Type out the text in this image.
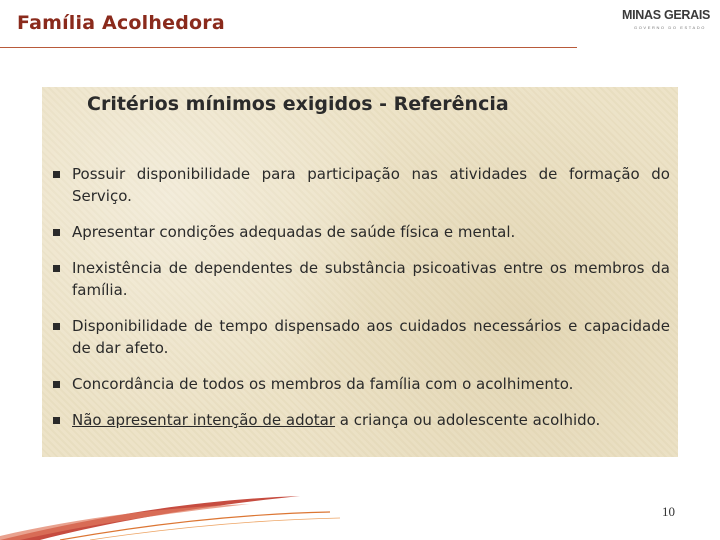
Família Acolhedora	MINAS GERAIS
GOVERNO DO ESTADO
Critérios mínimos exigidos - Referência
Possuir disponibilidade para participação nas atividades de formação do Serviço.
Apresentar condições adequadas de saúde física e mental.
Inexistência de dependentes de substância psicoativas entre os membros da família.
Disponibilidade de tempo dispensado aos cuidados necessários e capacidade de dar afeto.
Concordância de todos os membros da família com o acolhimento.
Não apresentar intenção de adotar a criança ou adolescente acolhido.
10
